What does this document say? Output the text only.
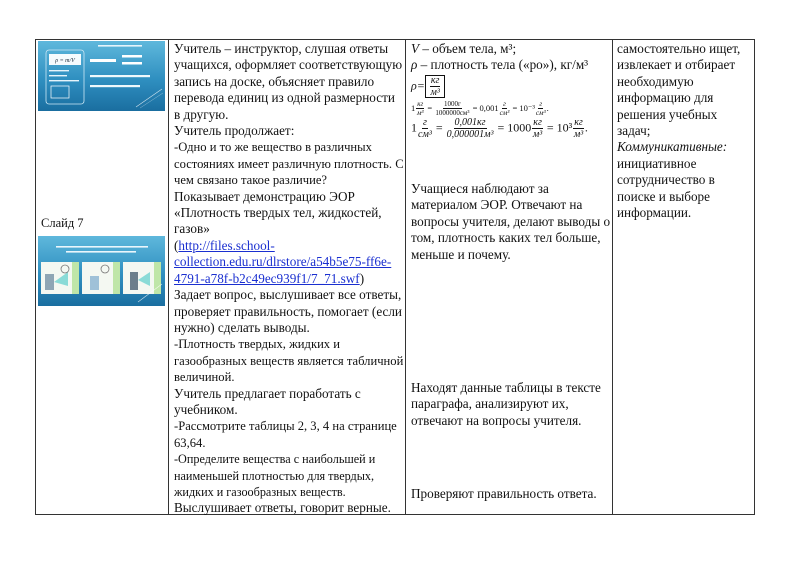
ρ = m/V
Слайд 7
Учитель – инструктор, слушая ответы учащихся, оформляет соответствующую запись на доске, объясняет правило перевода единиц из одной размерности в другую.
Учитель продолжает:
-Одно и то же вещество в различных состояниях имеет различную плотность. С чем связано такое различие?
Показывает демонстрацию ЭОР «Плотность твердых тел, жидкостей, газов»
(http://files.school-collection.edu.ru/dlrstore/a54b5e75-ff6e-4791-a78f-b2c49ec939f1/7_71.swf)
Задает вопрос, выслушивает все ответы, проверяет правильность, помогает (если нужно) сделать выводы.
-Плотность твердых, жидких и газообразных веществ является табличной величиной.
Учитель предлагает поработать с учебником.
-Рассмотрите таблицы 2, 3, 4 на странице 63,64.
-Определите вещества с наибольшей и наименьшей плотностью для твердых, жидких и газообразных веществ.
Выслушивает ответы, говорит верные.
V – объем тела, м³;
ρ – плотность тела («ро»), кг/м³
$\rho= \frac{кг}{\text{м³}}$
$1 \frac{кг}{\text{м³}} = \frac{1000г}{\text{1000000см³}} = 0,001 \frac{г}{\text{см³}} = 10^{-3} \frac{г}{\text{см³}}$ .
$1 \frac{г}{\text{см³}} = \frac{0,001кг}{\text{0,000001м³}} = 1000 \frac{кг}{\text{м³}} = 10^3 \frac{кг}{\text{м³}}$ .
Учащиеся наблюдают за материалом ЭОР. Отвечают на вопросы учителя, делают выводы о том, плотность каких тел больше, меньше и почему.
Находят данные таблицы в тексте параграфа, анализируют их, отвечают на вопросы учителя.
Проверяют правильность ответа.
самостоятельно ищет, извлекает и отбирает необходимую информацию для решения учебных задач;
Коммуникативные:
инициативное сотрудничество в поиске и выборе информации.
